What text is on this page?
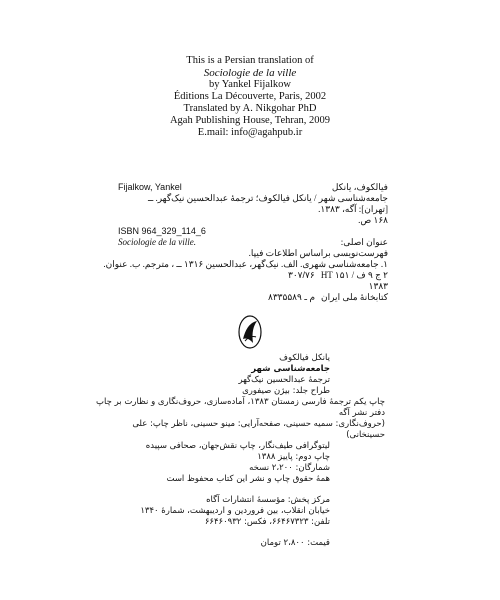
This is a Persian translation of
Sociologie de la ville
by Yankel Fijalkow
Éditions La Découverte, Paris, 2002
Translated by A. Nikgohar PhD
Agah Publishing House, Tehran, 2009
E.mail: info@agahpub.ir
Fijalkow, Yankel	فیالکوف، یانکل
جامعه‌شناسی شهر / یانکل فیالکوف؛ ترجمهٔ عبدالحسین نیک‌گهر. ــ
[تهران]: آگه، ۱۳۸۳.
۱۶۸ ص.
ISBN 964_329_114_6
Sociologie de la ville.	عنوان اصلی:
فهرست‌نویسی براساس اطلاعات فیپا.
۱. جامعه‌شناسی شهری. الف. نیک‌گهر، عبدالحسین ۱۳۱۶ ــ ، مترجم. ب. عنوان.
۳۰۷/۷۶ ۲ ج ۹ ف / HT ۱۵۱
۱۳۸۳
۸۳م ـ ۳۵۵۸۹ کتابخانهٔ ملی ایران
یانکل فیالکوف
جامعه‌شناسی شهر
ترجمهٔ عبدالحسین نیک‌گهر
طراح جلد: بیژن صیفوری
چاپ یکم ترجمهٔ فارسی زمستان ۱۳۸۳، آماده‌سازی، حروف‌نگاری و نظارت بر چاپ دفتر نشر آگه
(حروف‌نگاری: سمیه حسینی، صفحه‌آرایی: مینو حسینی، ناظر چاپ: علی حسینخانی)
لیتوگرافی طیف‌نگار، چاپ نقش‌جهان، صحافی سپیده
چاپ دوم: پاییز ۱۳۸۸
شمارگان: ۲،۲۰۰ نسخه
همهٔ حقوق چاپ و نشر این کتاب محفوظ است
مرکز پخش: مؤسسهٔ انتشارات آگاه
خیابان انقلاب، بین فروردین و اردیبهشت، شمارهٔ ۱۳۴۰
تلفن: ۶۶۴۶۷۳۲۳، فکس: ۶۶۴۶۰۹۳۲
قیمت: ۲،۸۰۰ تومان
